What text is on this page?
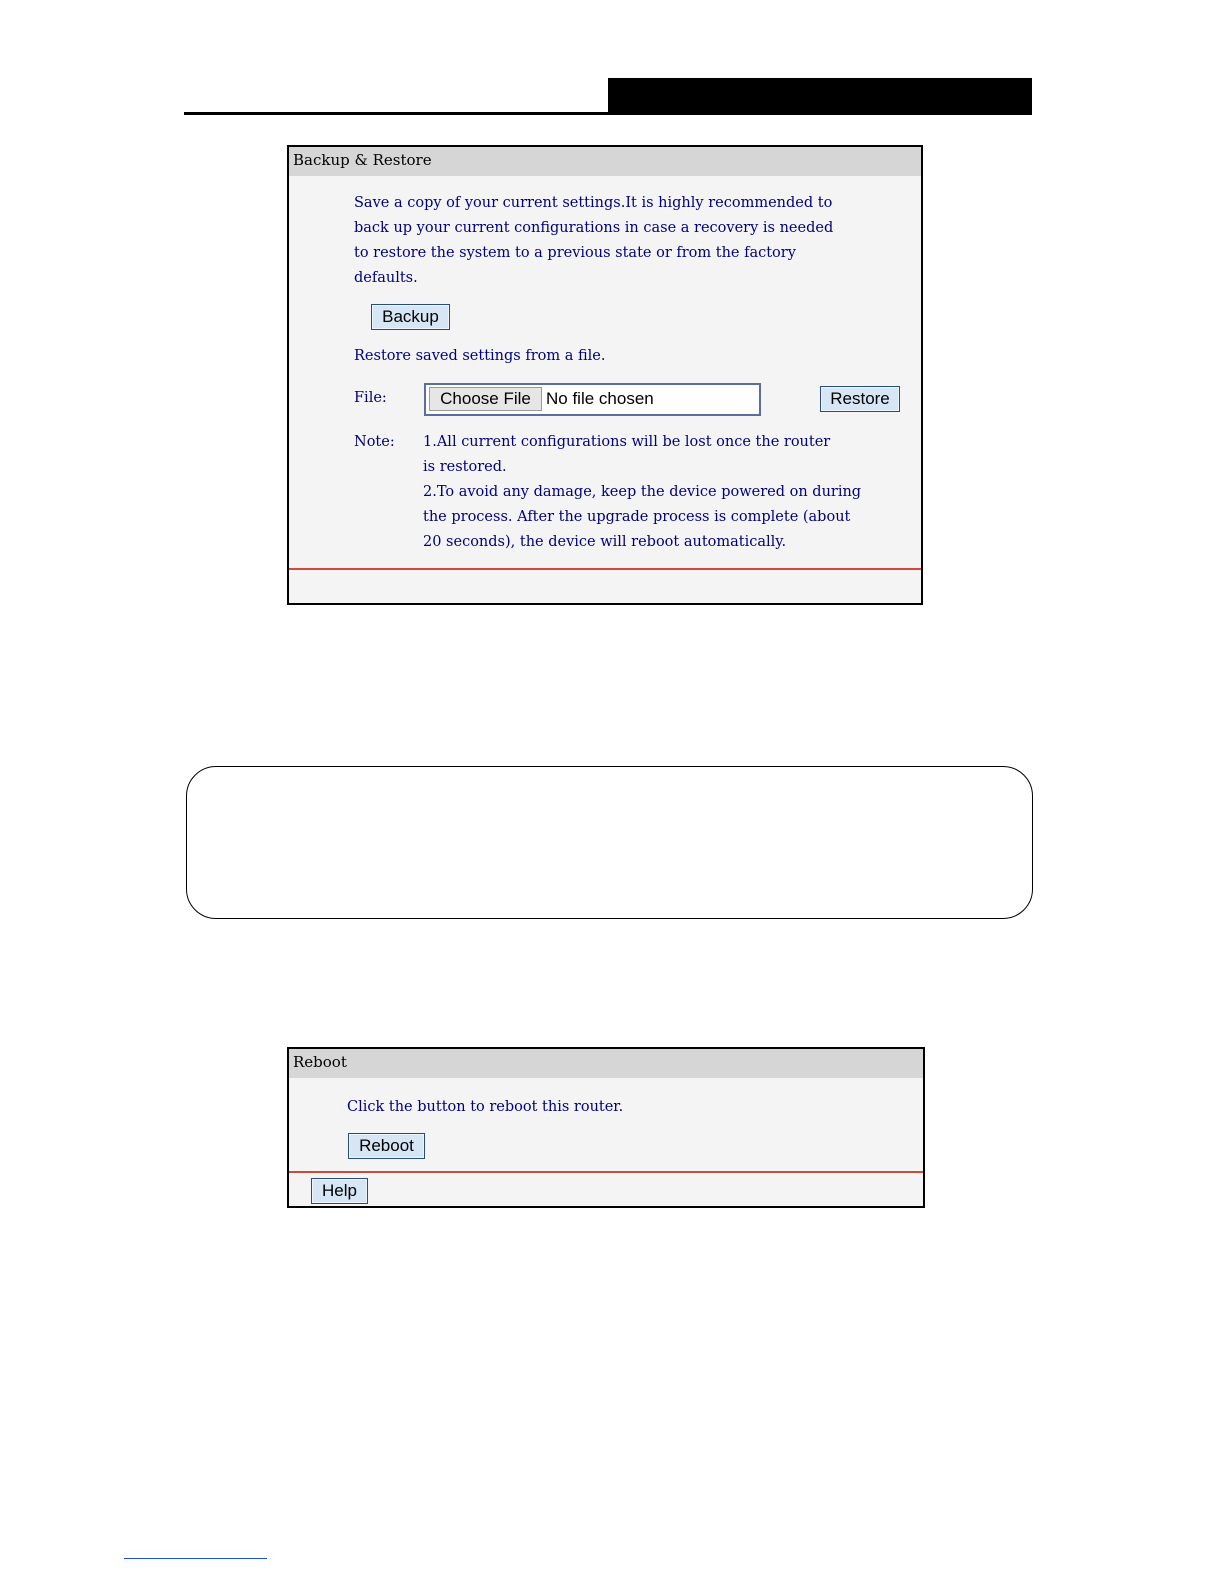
Backup & Restore

Save a copy of your current settings.It is highly recommended to

back up your current configurations in case a recovery is needed

to restore the system to a previous state or from the factory

defaults.

Backup

Restore saved settings from a file.

File:	Choose File No file chosen	Restore

Note: 1.All current configurations will be lost once the router

is restored.

2.To avoid any damage, keep the device powered on during

the process. After the upgrade process is complete (about

20 seconds), the device will reboot automatically.

Reboot

Click the button to reboot this router.

Reboot
Help
